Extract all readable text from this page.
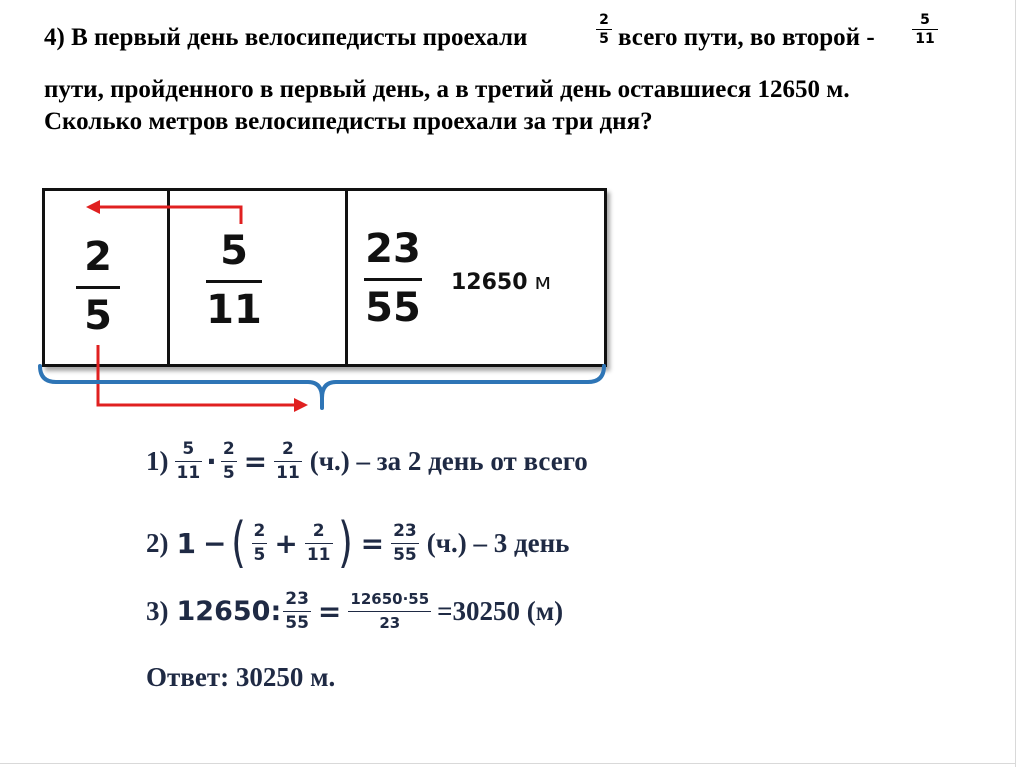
4) В первый день велосипедисты проехали
2
5 всего пути, во второй -
5
11
пути, пройденного в первый день, а в третий день оставшиеся 12650 м.
Сколько метров велосипедисты проехали за три дня?
2
5
5
11
23
55
12650 м
1) 5
11 · 2
5 = 2
11 (ч.) – за 2 день от всего
2) 1 − ( 2
5 + 2
11 ) = 23
55 (ч.) – 3 день
3) 12650 : 23
55 = 12650·55
23	=30250 (м)
Ответ: 30250 м.
